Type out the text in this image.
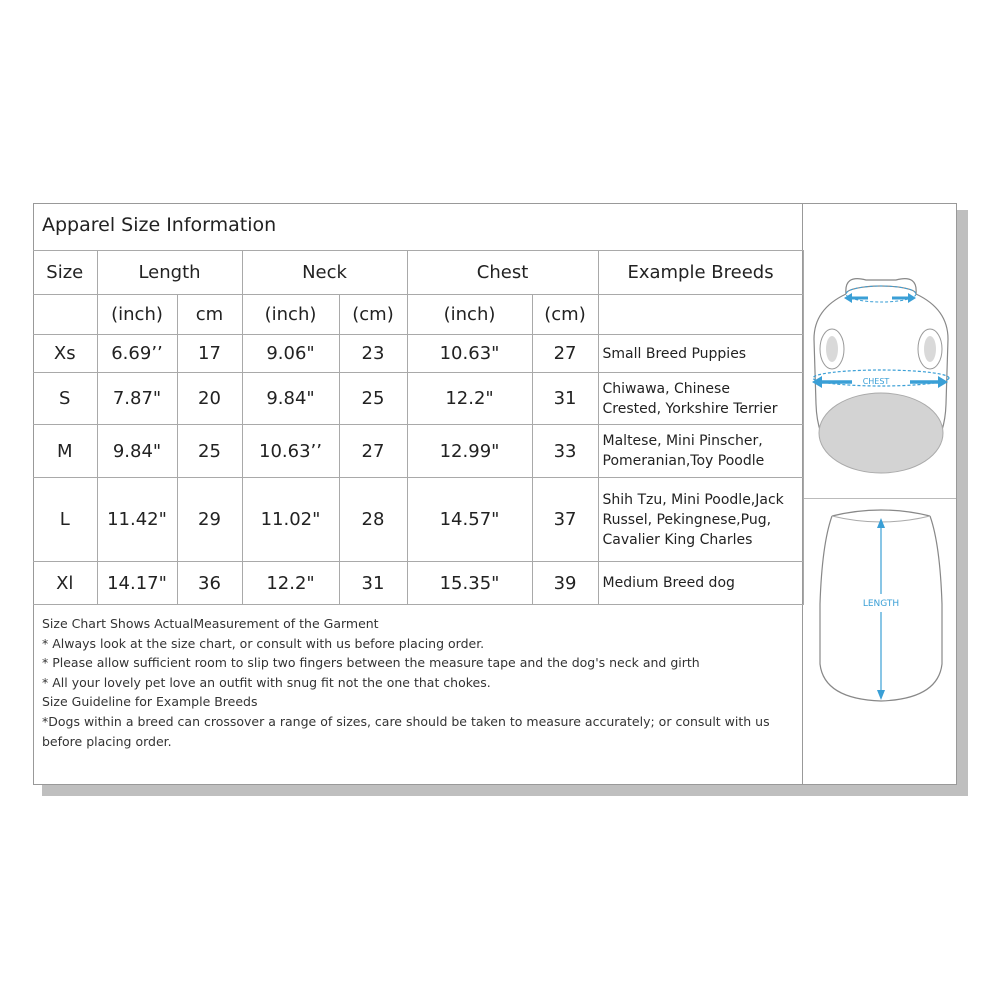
Apparel Size Information
Size	Length		Neck		Chest		Example Breeds
	(inch)	cm	(inch)	(cm)	(inch)	(cm)	
Xs	6.69’’	17	9.06"	23	10.63"	27	Small Breed Puppies

S	7.87"	20	9.84"	25	12.2"	31	Chiwawa, Chinese
Crested, Yorkshire Terrier

M	9.84"	25	10.63’’	27	12.99"	33	Maltese, Mini Pinscher,
Pomeranian,Toy Poodle

L	11.42"	29	11.02"	28	14.57"	37	Shih Tzu, Mini Poodle,Jack
Russel, Pekingnese,Pug,
Cavalier King Charles

Xl	14.17"	36	12.2"	31	15.35"	39	Medium Breed dog
Size Chart Shows ActualMeasurement of the Garment
* Always look at the size chart, or consult with us before placing order.
* Please allow sufficient room to slip two fingers between the measure tape and the dog's neck and girth
* All your lovely pet love an outfit with snug fit not the one that chokes.
Size Guideline for Example Breeds
*Dogs within a breed can crossover a range of sizes, care should be taken to measure accurately; or consult with us
before placing order.
CHEST
LENGTH
